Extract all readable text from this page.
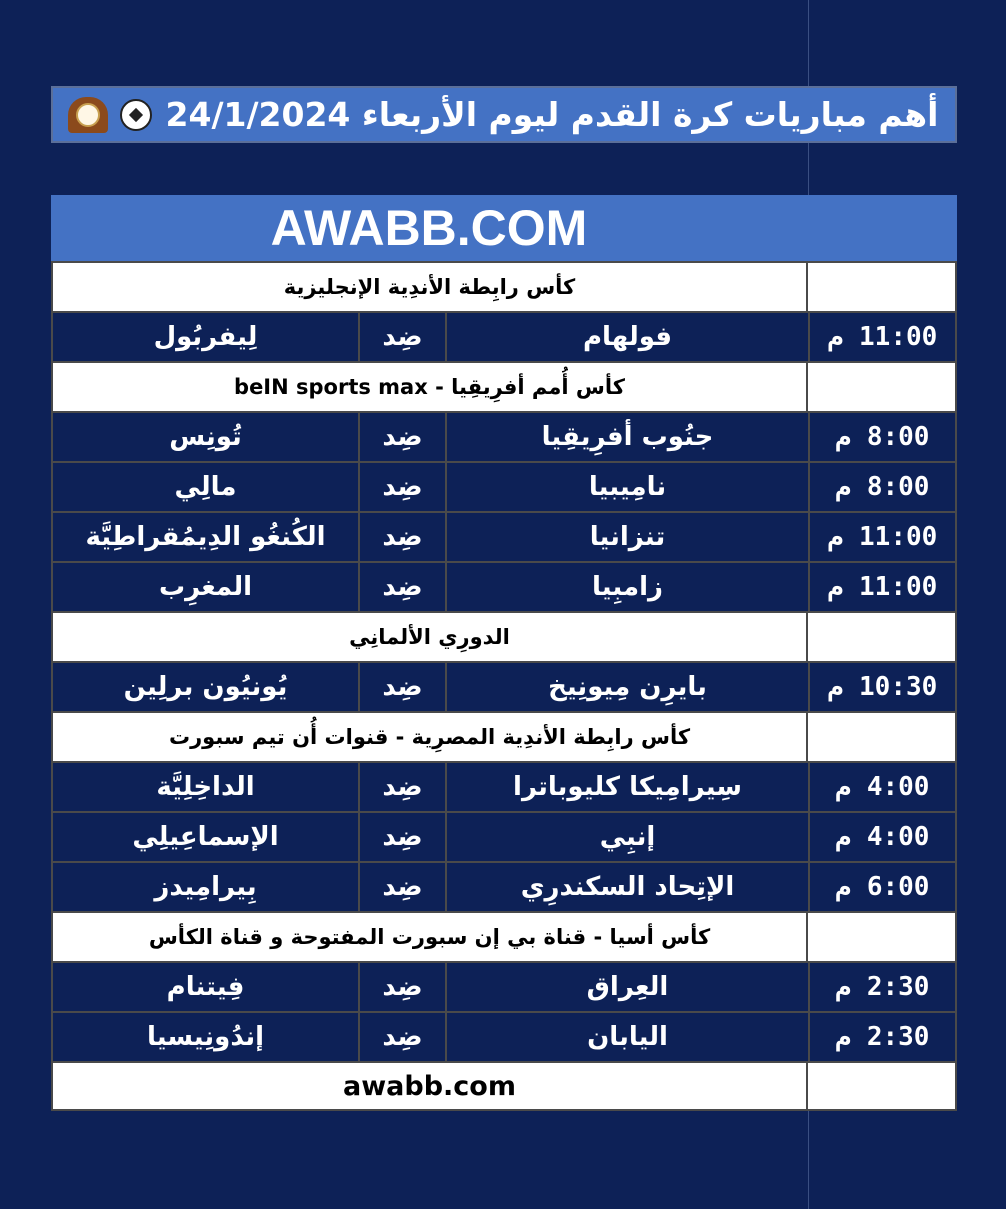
أهم مباريات كرة القدم ليوم الأربعاء 24/1/2024
AWABB.COM
كأس رابِطة الأندِية الإنجليزية
لِيفربُول	ضِد	فولهام	11:00 م
كأس أُمم أفرِيقِيا - beIN sports max
تُونِس	ضِد	جنُوب أفرِيقِيا	8:00 م
مالِي	ضِد	نامِيبيا	8:00 م
الكُنغُو الدِيمُقراطِيَّة	ضِد	تنزانيا	11:00 م
المغرِب	ضِد	زامبِيا	11:00 م
الدورِي الألمانِي
يُونيُون برلِين	ضِد	بايرِن مِيونِيخ	10:30 م
كأس رابِطة الأندِية المصرِية - قنوات أُن تيم سبورت
الداخِلِيَّة	ضِد	سِيرامِيكا كليوباترا	4:00 م
الإسماعِيلِي	ضِد	إنبِي	4:00 م
بِيرامِيدز	ضِد	الإتِحاد السكندرِي	6:00 م
كأس أسيا - قناة بي إن سبورت المفتوحة و قناة الكأس
فِيتنام	ضِد	العِراق	2:30 م
إندُونِيسيا	ضِد	اليابان	2:30 م
awabb.com
